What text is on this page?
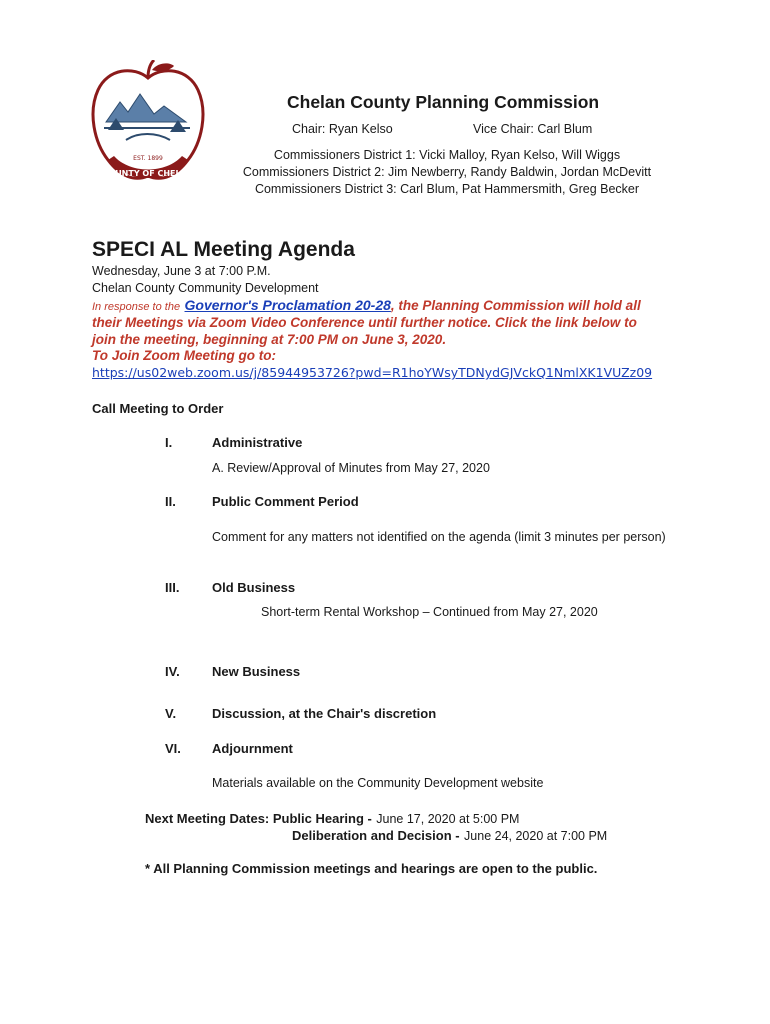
COUNTY OF CHELAN
EST. 1899
Chelan County Planning Commission
Chair: Ryan Kelso	Vice Chair: Carl Blum
Commissioners District 1: Vicki Malloy, Ryan Kelso, Will Wiggs
Commissioners District 2: Jim Newberry, Randy Baldwin, Jordan McDevitt
Commissioners District 3: Carl Blum, Pat Hammersmith, Greg Becker
SPECI AL Meeting Agenda
Wednesday, June 3 at 7:00 P.M.
Chelan County Community Development
In response to the Governor's Proclamation 20-28, the Planning Commission will hold all
their Meetings via Zoom Video Conference until further notice. Click the link below to
join the meeting, beginning at 7:00 PM on June 3, 2020.
To Join Zoom Meeting go to:
https://us02web.zoom.us/j/85944953726?pwd=R1hoYWsyTDNydGJVckQ1NmlXK1VUZz09
Call Meeting to Order
I.	Administrative
A. Review/Approval of Minutes from May 27, 2020
II.	Public Comment Period
Comment for any matters not identified on the agenda (limit 3 minutes per person)
III.	Old Business
Short-term Rental Workshop – Continued from May 27, 2020
IV. New Business
V.	Discussion, at the Chair's discretion
VI. Adjournment
Materials available on the Community Development website
Next Meeting Dates: Public Hearing - June 17, 2020 at 5:00 PM
Deliberation and Decision - June 24, 2020 at 7:00 PM
* All Planning Commission meetings and hearings are open to the public.
